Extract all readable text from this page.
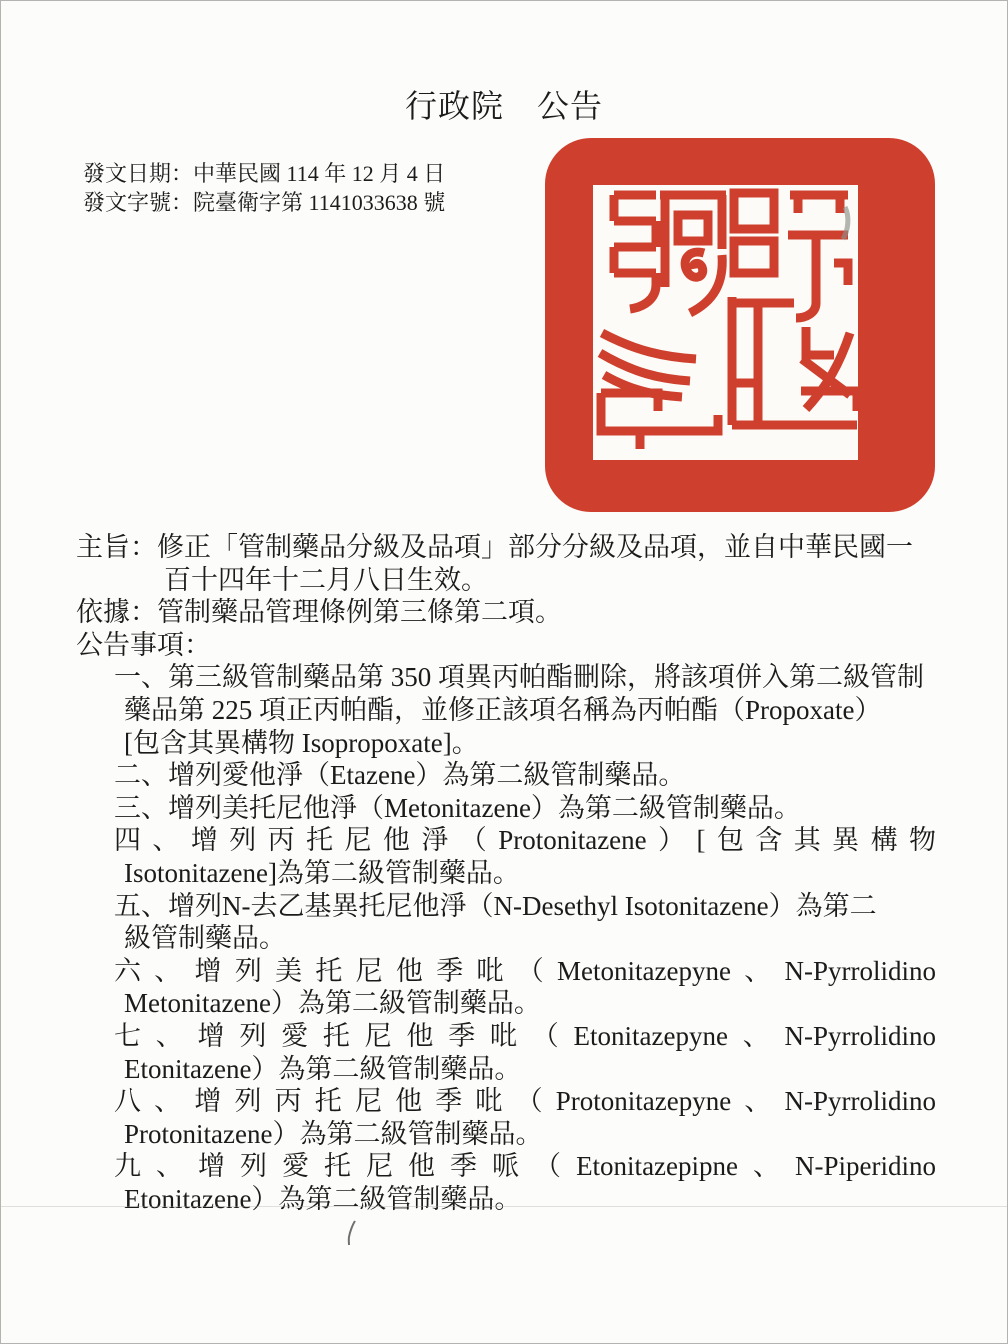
行政院　公告
發文日期：中華民國 114 年 12 月 4 日
發文字號：院臺衛字第 1141033638 號
主旨：修正「管制藥品分級及品項」部分分級及品項，並自中華民國一
百十四年十二月八日生效。
依據：管制藥品管理條例第三條第二項。
公告事項：
一、第三級管制藥品第 350 項異丙帕酯刪除，將該項併入第二級管制
藥品第 225 項正丙帕酯，並修正該項名稱為丙帕酯（Propoxate）
[包含其異構物 Isopropoxate]。
二、增列愛他淨（Etazene）為第二級管制藥品。
三、增列美托尼他淨（Metonitazene）為第二級管制藥品。
四、增列丙托尼他淨（Protonitazene）[包含其異構物
Isotonitazene]為第二級管制藥品。
五、增列N-去乙基異托尼他淨（N-Desethyl Isotonitazene）為第二
級管制藥品。
六、增列美托尼他季吡（Metonitazepyne、N-Pyrrolidino
Metonitazene）為第二級管制藥品。
七、增列愛托尼他季吡（Etonitazepyne、N-Pyrrolidino
Etonitazene）為第二級管制藥品。
八、增列丙托尼他季吡（Protonitazepyne、N-Pyrrolidino
Protonitazene）為第二級管制藥品。
九、增列愛托尼他季哌（Etonitazepipne、N-Piperidino
Etonitazene）為第二級管制藥品。
